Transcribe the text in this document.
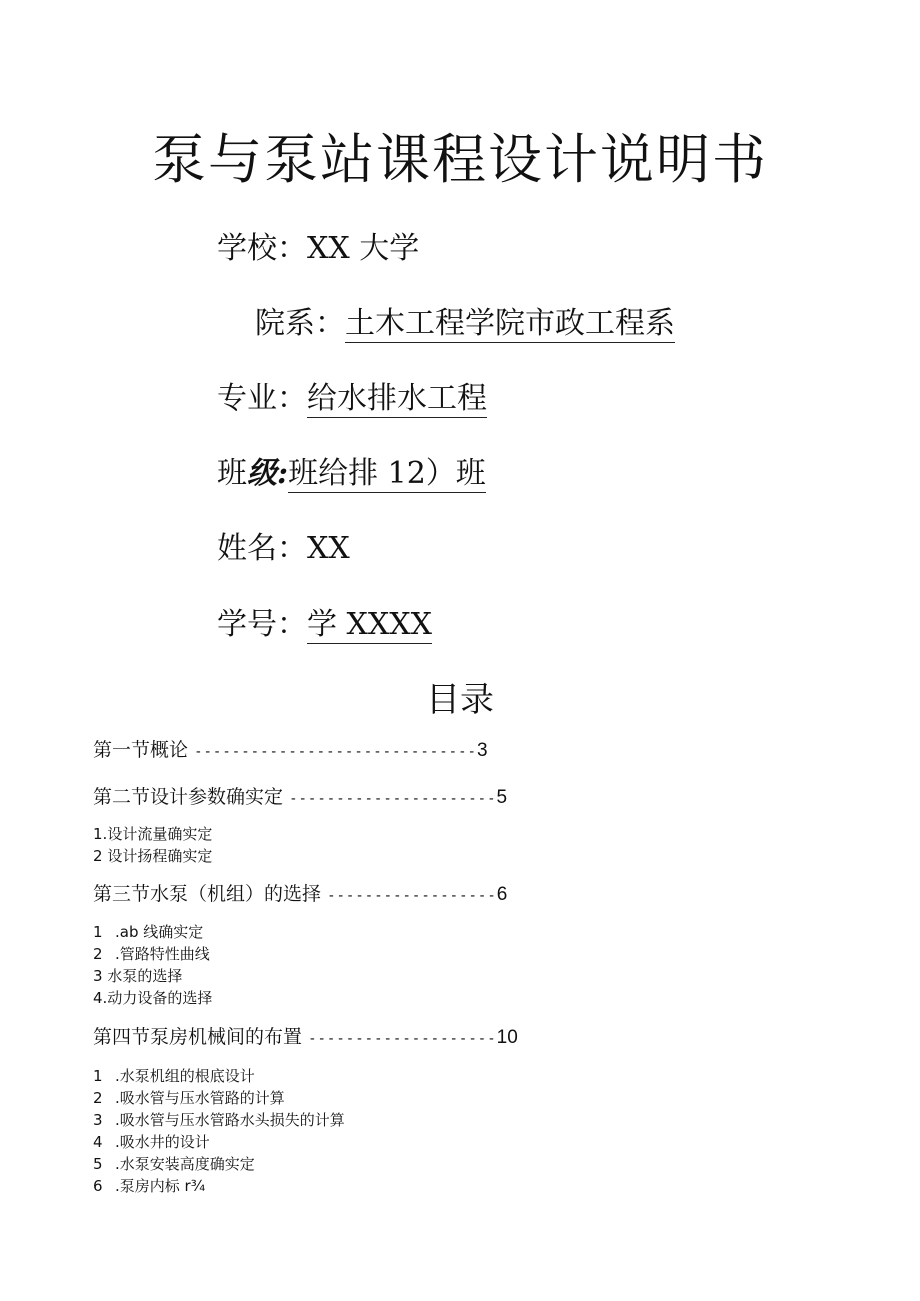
泵与泵站课程设计说明书
学校：XX 大学
院系：土木工程学院市政工程系
专业：给水排水工程
班级:班给排 12）班
姓名：XX
学号：学 XXXX
目录
第一节概论 ------------------------------3
第二节设计参数确实定 ----------------------5
1.设计流量确实定
2 设计扬程确实定
第三节水泵（机组）的选择 ------------------6
1 .ab 线确实定
2 .管路特性曲线
3 水泵的选择
4.动力设备的选择
第四节泵房机械间的布置 --------------------10
1 .水泵机组的根底设计
2 .吸水管与压水管路的计算
3 .吸水管与压水管路水头损失的计算
4 .吸水井的设计
5 .水泵安装高度确实定
6 .泵房内标 r¾
